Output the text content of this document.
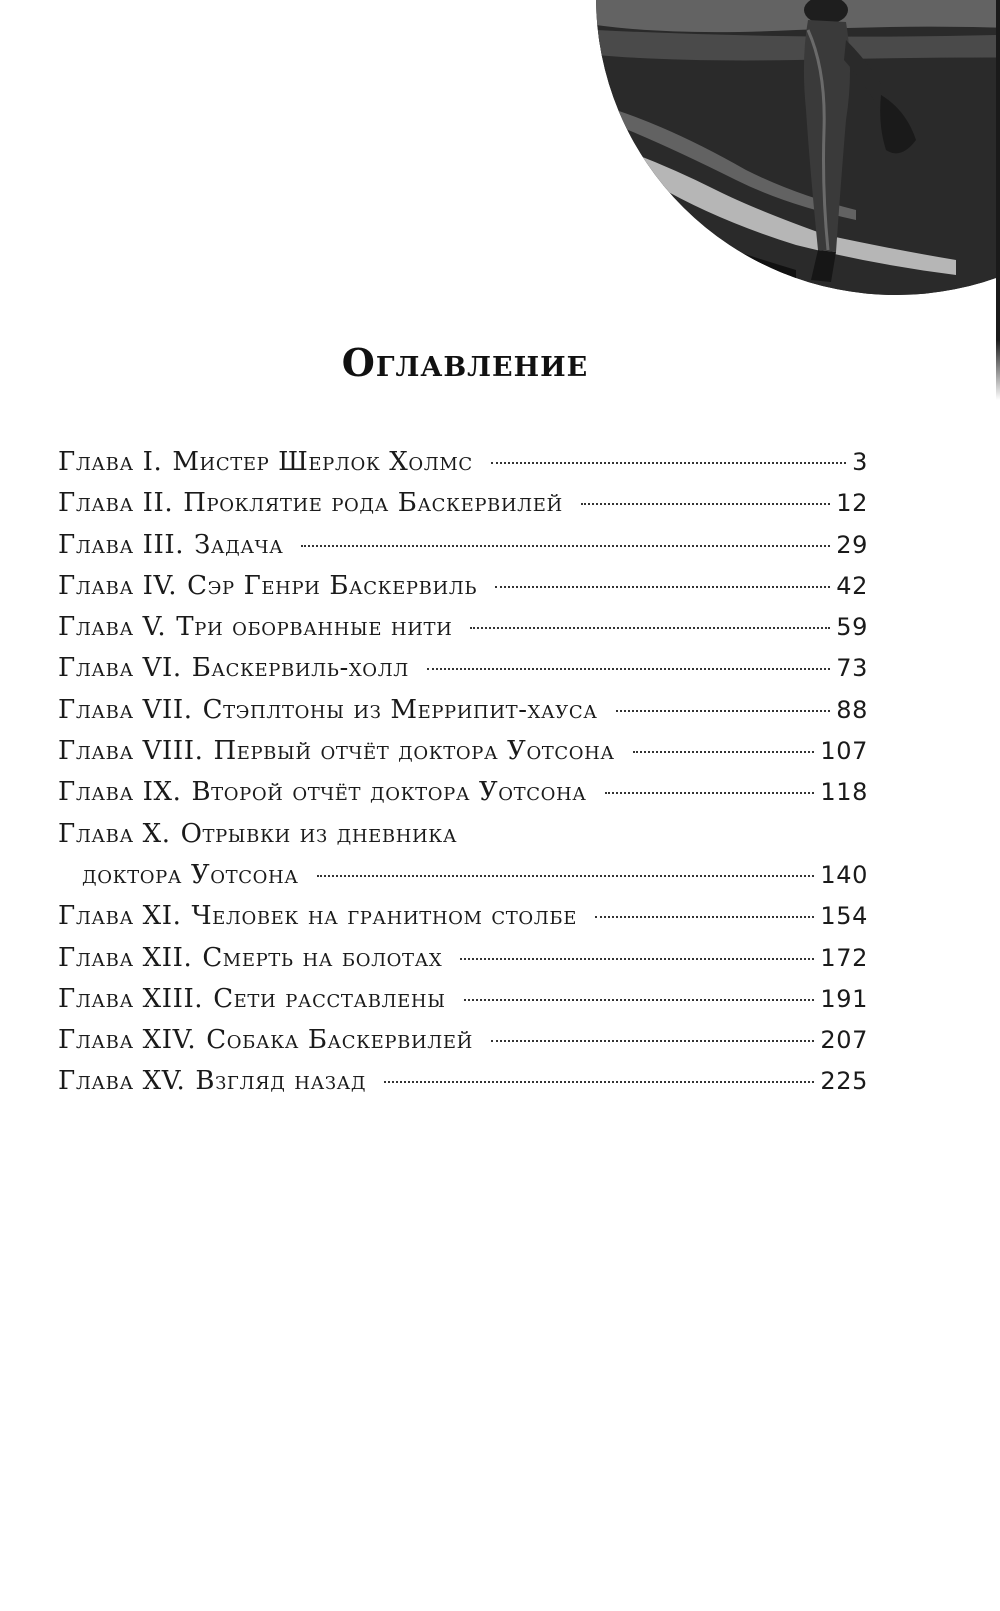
Оглавление
Глава I. Мистер Шерлок Холмс	3
Глава II. Проклятие рода Баскервилей	12
Глава III. Задача	29
Глава IV. Сэр Генри Баскервиль	42
Глава V. Три оборванные нити	59
Глава VI. Баскервиль-холл	73
Глава VII. Стэплтоны из Меррипит-хауса	88
Глава VIII. Первый отчёт доктора Уотсона	107
Глава IX. Второй отчёт доктора Уотсона	118
Глава X. Отрывки из дневника
доктора Уотсона	140
Глава XI. Человек на гранитном столбе	154
Глава XII. Смерть на болотах	172
Глава XIII. Сети расставлены	191
Глава XIV. Собака Баскервилей	207
Глава XV. Взгляд назад	225
